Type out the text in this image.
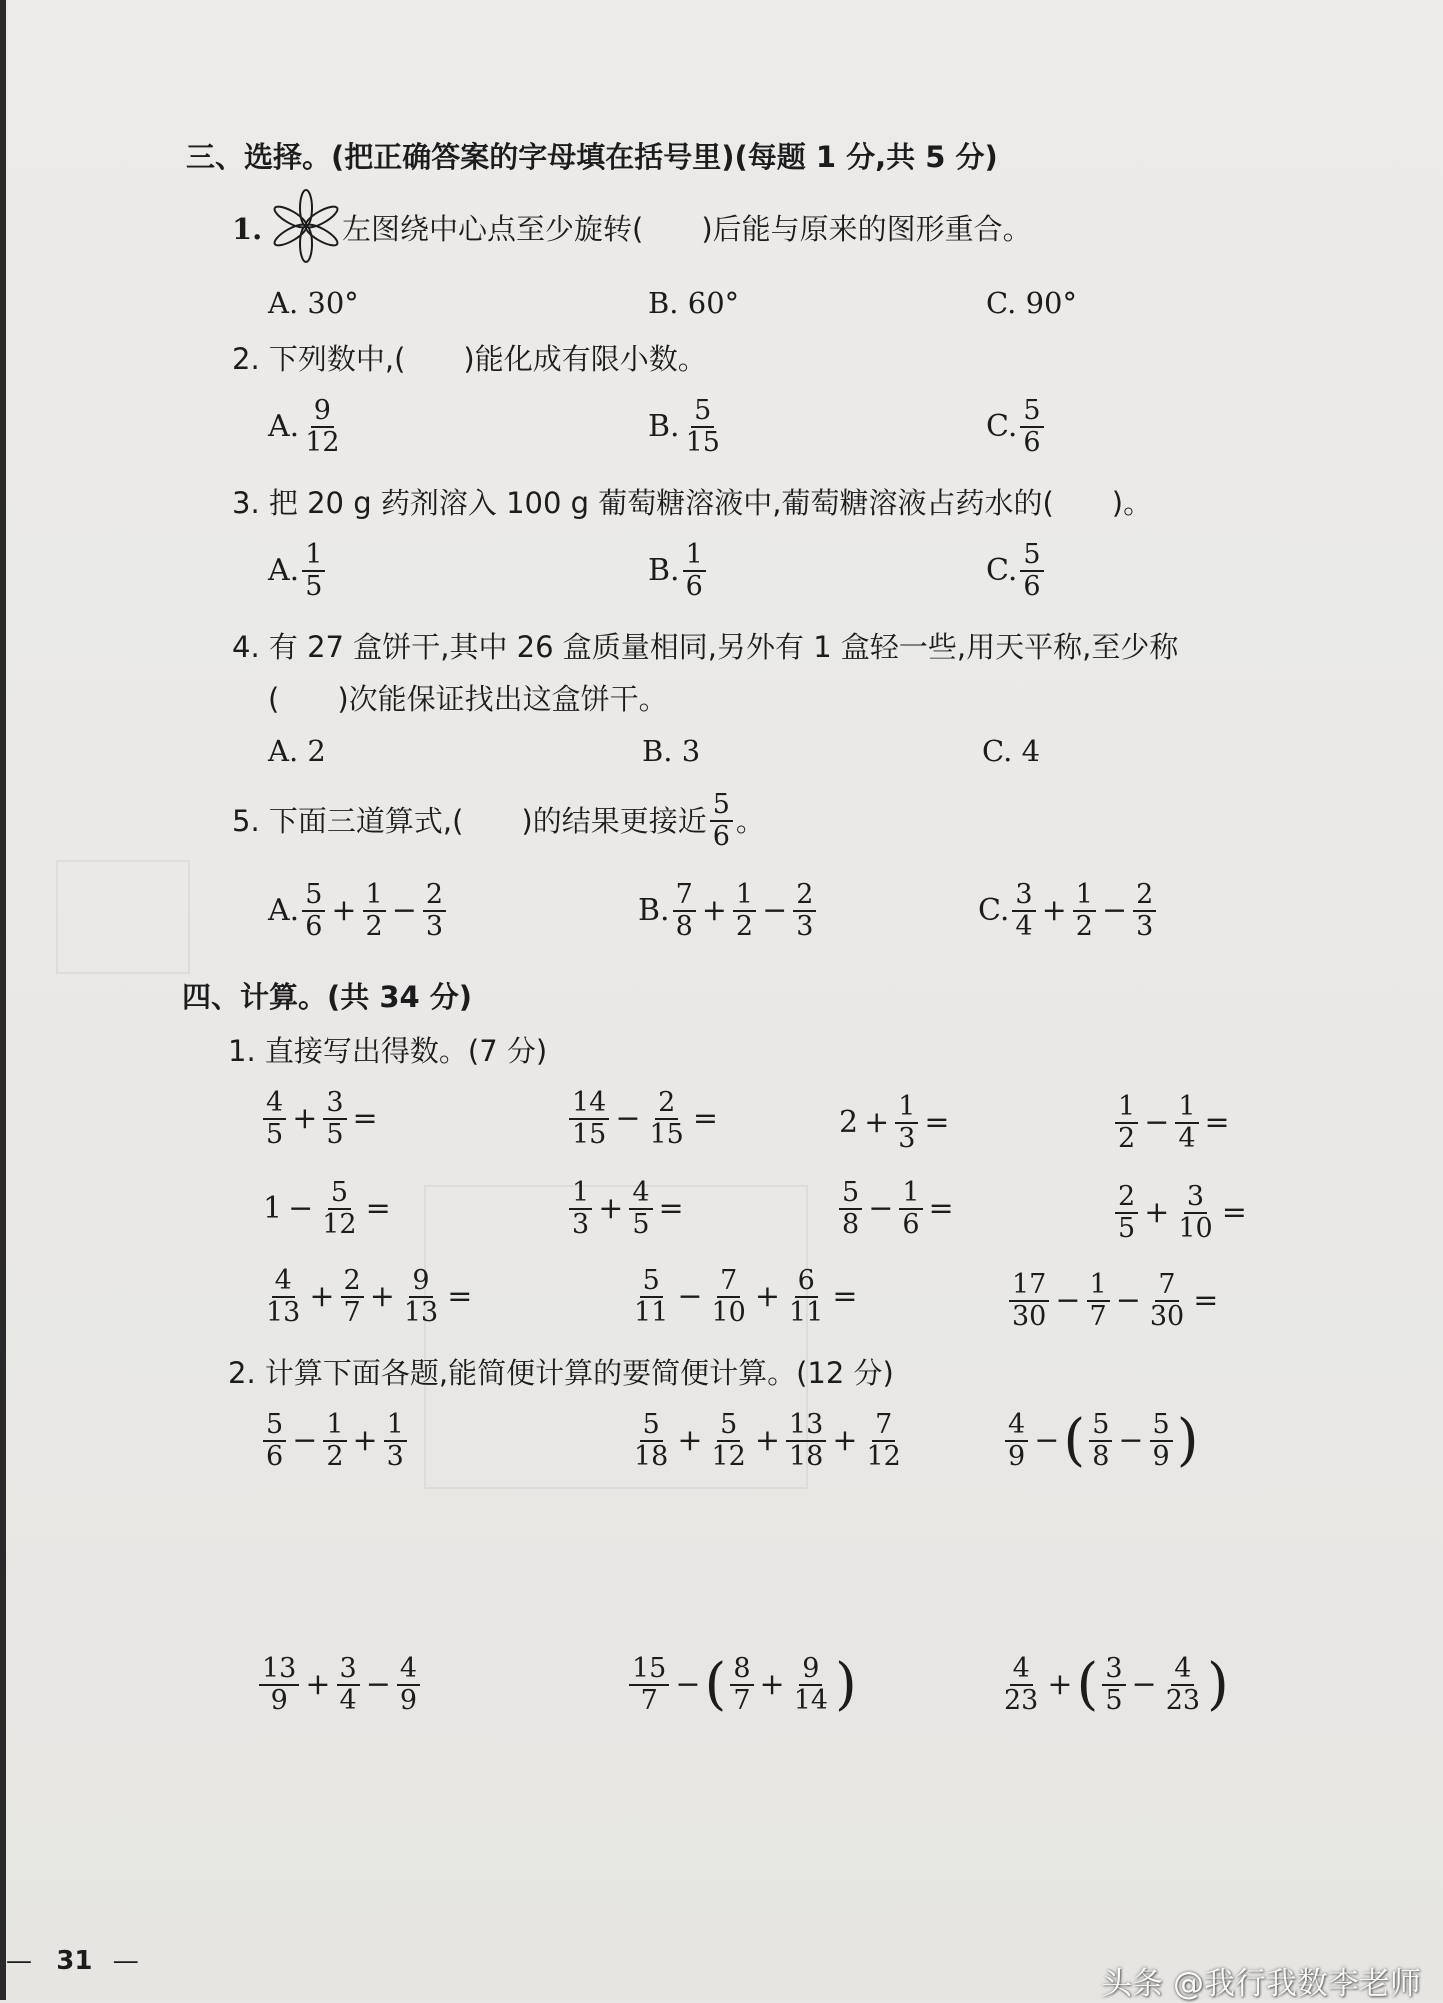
三、选择。(把正确答案的字母填在括号里)(每题 1 分,共 5 分)
1.	左图绕中心点至少旋转(　　)后能与原来的图形重合。
A. 30°	B. 60°	C. 90°
2. 下列数中,(　　)能化成有限小数。
A. $\frac{9}{12}$	B. $\frac{5}{15}$	C. $\frac{5}{6}$
3. 把 20 g 药剂溶入 100 g 葡萄糖溶液中,葡萄糖溶液占药水的(　　)。
A. $\frac{1}{5}$	B. $\frac{1}{6}$	C. $\frac{5}{6}$
4. 有 27 盒饼干,其中 26 盒质量相同,另外有 1 盒轻一些,用天平称,至少称
(　　)次能保证找出这盒饼干。
A. 2	B. 3	C. 4
5. 下面三道算式,(　　)的结果更接近 $\frac{5}{6}$ 。
A. $\frac{5}{6} + \frac{1}{2} - \frac{2}{3}$	B. $\frac{7}{8} + \frac{1}{2} - \frac{2}{3}$	C. $\frac{3}{4} + \frac{1}{2} - \frac{2}{3}$
四、计算。(共 34 分)
1. 直接写出得数。(7 分)
$\frac{4}{5} + \frac{3}{5}$ =	$\frac{14}{15} - \frac{2}{15}$ =	$2 + \frac{1}{3}$ =	$\frac{1}{2} - \frac{1}{4}$ =
$1 - \frac{5}{12}$ =	$\frac{1}{3} + \frac{4}{5}$ =	$\frac{5}{8} - \frac{1}{6}$ =	$\frac{2}{5} + \frac{3}{10}$ =
$\frac{4}{13} + \frac{2}{7} + \frac{9}{13}$ =	$\frac{5}{11} - \frac{7}{10} + \frac{6}{11}$ =	$\frac{17}{30} - \frac{1}{7} - \frac{7}{30}$ =
2. 计算下面各题,能简便计算的要简便计算。(12 分)
$\frac{5}{6} - \frac{1}{2} + \frac{1}{3}$	$\frac{5}{18} + \frac{5}{12} + \frac{13}{18} + \frac{7}{12}$	$\frac{4}{9}$ − ( $\frac{5}{8} - \frac{5}{9}$ )
$\frac{13}{9} + \frac{3}{4} - \frac{4}{9}$	$\frac{15}{7}$ − ( $\frac{8}{7} + \frac{9}{14}$ )	$\frac{4}{23}$ + ( $\frac{3}{5} - \frac{4}{23}$ )
— 31 —
头条 @我行我数李老师
